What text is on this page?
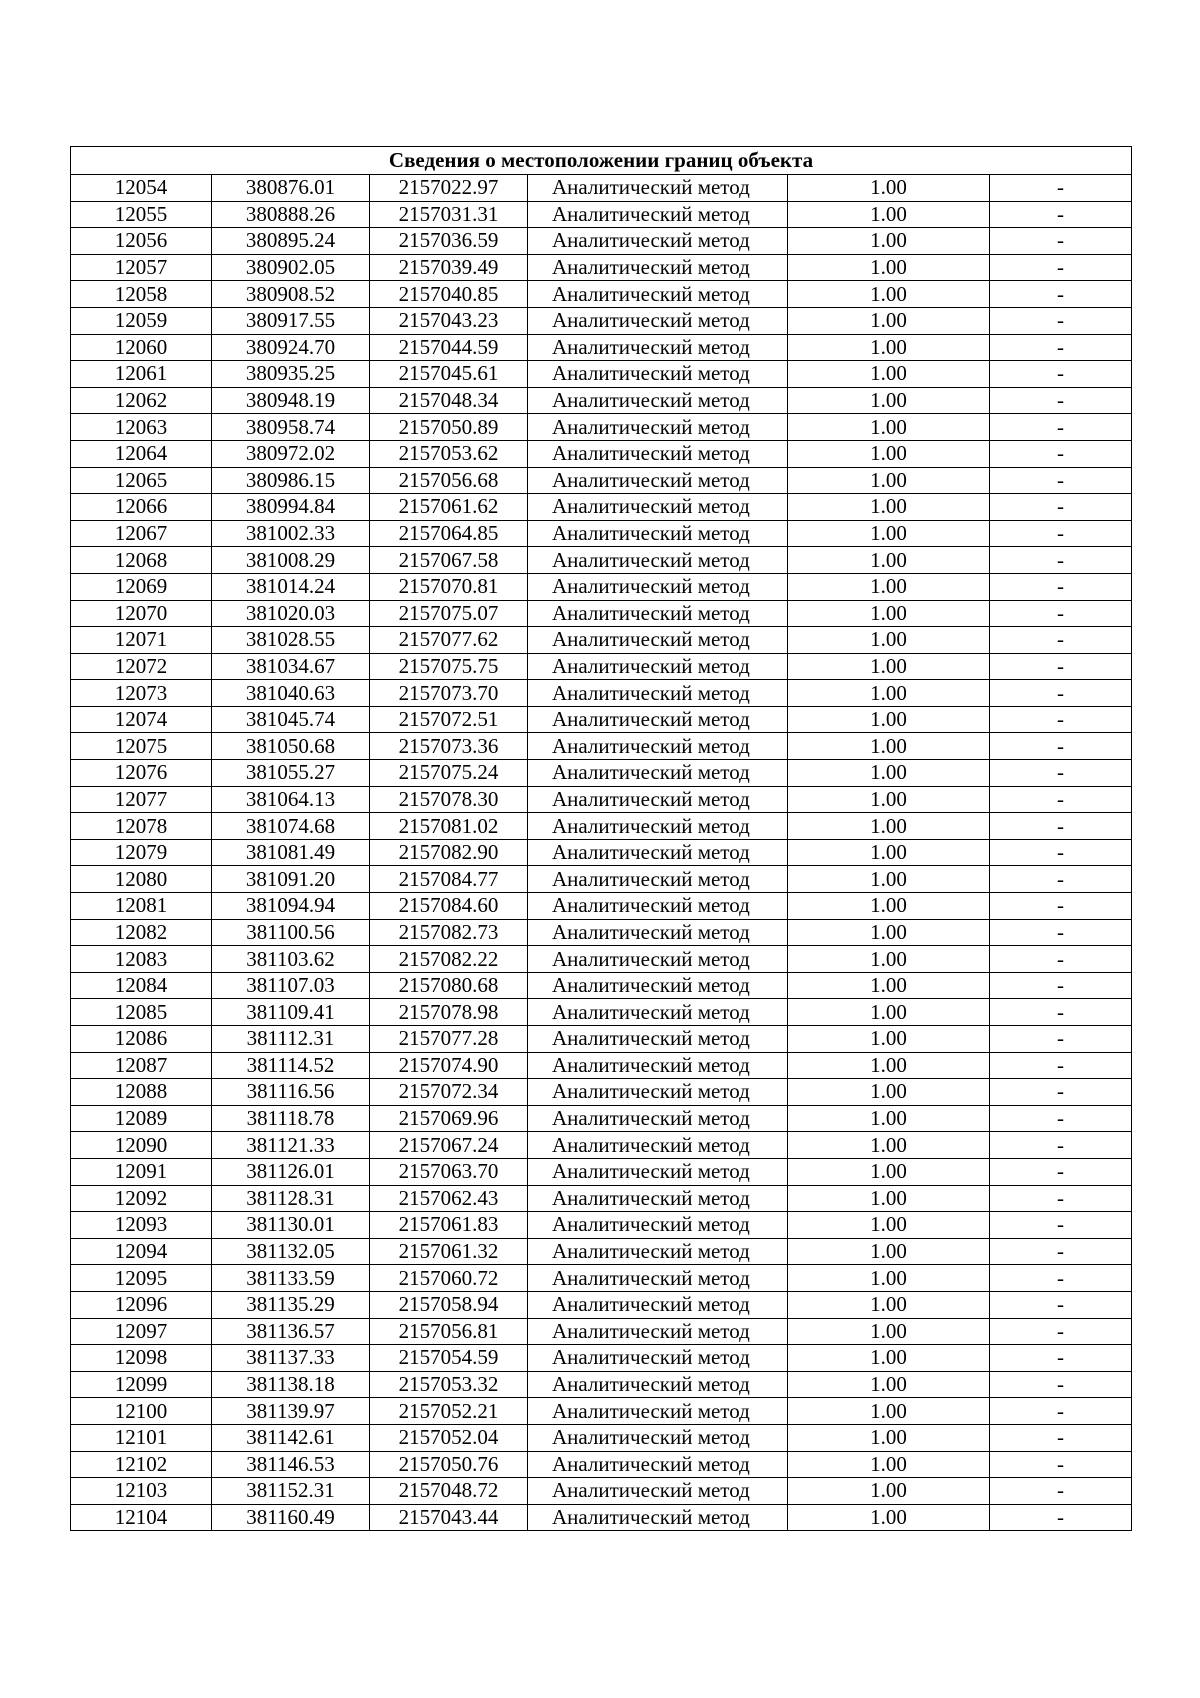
Сведения о местоположении границ объекта					
12054	380876.01	2157022.97	Аналитический метод	1.00	-
12055	380888.26	2157031.31	Аналитический метод	1.00	-
12056	380895.24	2157036.59	Аналитический метод	1.00	-
12057	380902.05	2157039.49	Аналитический метод	1.00	-
12058	380908.52	2157040.85	Аналитический метод	1.00	-
12059	380917.55	2157043.23	Аналитический метод	1.00	-
12060	380924.70	2157044.59	Аналитический метод	1.00	-
12061	380935.25	2157045.61	Аналитический метод	1.00	-
12062	380948.19	2157048.34	Аналитический метод	1.00	-
12063	380958.74	2157050.89	Аналитический метод	1.00	-
12064	380972.02	2157053.62	Аналитический метод	1.00	-
12065	380986.15	2157056.68	Аналитический метод	1.00	-
12066	380994.84	2157061.62	Аналитический метод	1.00	-
12067	381002.33	2157064.85	Аналитический метод	1.00	-
12068	381008.29	2157067.58	Аналитический метод	1.00	-
12069	381014.24	2157070.81	Аналитический метод	1.00	-
12070	381020.03	2157075.07	Аналитический метод	1.00	-
12071	381028.55	2157077.62	Аналитический метод	1.00	-
12072	381034.67	2157075.75	Аналитический метод	1.00	-
12073	381040.63	2157073.70	Аналитический метод	1.00	-
12074	381045.74	2157072.51	Аналитический метод	1.00	-
12075	381050.68	2157073.36	Аналитический метод	1.00	-
12076	381055.27	2157075.24	Аналитический метод	1.00	-
12077	381064.13	2157078.30	Аналитический метод	1.00	-
12078	381074.68	2157081.02	Аналитический метод	1.00	-
12079	381081.49	2157082.90	Аналитический метод	1.00	-
12080	381091.20	2157084.77	Аналитический метод	1.00	-
12081	381094.94	2157084.60	Аналитический метод	1.00	-
12082	381100.56	2157082.73	Аналитический метод	1.00	-
12083	381103.62	2157082.22	Аналитический метод	1.00	-
12084	381107.03	2157080.68	Аналитический метод	1.00	-
12085	381109.41	2157078.98	Аналитический метод	1.00	-
12086	381112.31	2157077.28	Аналитический метод	1.00	-
12087	381114.52	2157074.90	Аналитический метод	1.00	-
12088	381116.56	2157072.34	Аналитический метод	1.00	-
12089	381118.78	2157069.96	Аналитический метод	1.00	-
12090	381121.33	2157067.24	Аналитический метод	1.00	-
12091	381126.01	2157063.70	Аналитический метод	1.00	-
12092	381128.31	2157062.43	Аналитический метод	1.00	-
12093	381130.01	2157061.83	Аналитический метод	1.00	-
12094	381132.05	2157061.32	Аналитический метод	1.00	-
12095	381133.59	2157060.72	Аналитический метод	1.00	-
12096	381135.29	2157058.94	Аналитический метод	1.00	-
12097	381136.57	2157056.81	Аналитический метод	1.00	-
12098	381137.33	2157054.59	Аналитический метод	1.00	-
12099	381138.18	2157053.32	Аналитический метод	1.00	-
12100	381139.97	2157052.21	Аналитический метод	1.00	-
12101	381142.61	2157052.04	Аналитический метод	1.00	-
12102	381146.53	2157050.76	Аналитический метод	1.00	-
12103	381152.31	2157048.72	Аналитический метод	1.00	-
12104	381160.49	2157043.44	Аналитический метод	1.00	-
